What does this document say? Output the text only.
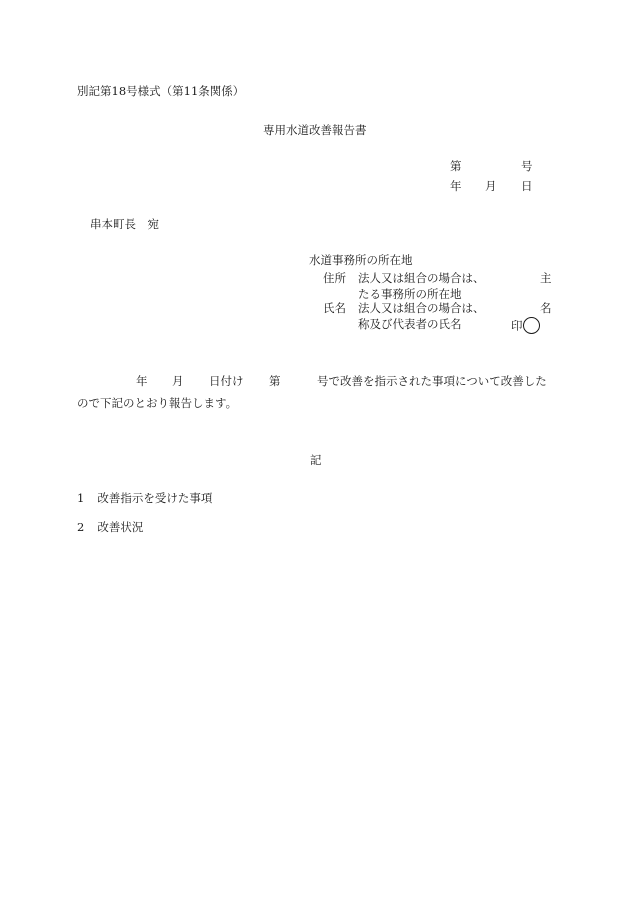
別記第18号様式（第11条関係）
専用水道改善報告書
第	号
年 月 日
串本町長　宛
水道事務所の所在地
住所 法人又は組合の場合は、	主
たる事務所の所在地
氏名 法人又は組合の場合は、	名
称及び代表者の氏名	印
年 月 日付け 第	号で改善を指示された事項について改善した
ので下記のとおり報告します。
記
1 改善指示を受けた事項
2 改善状況
